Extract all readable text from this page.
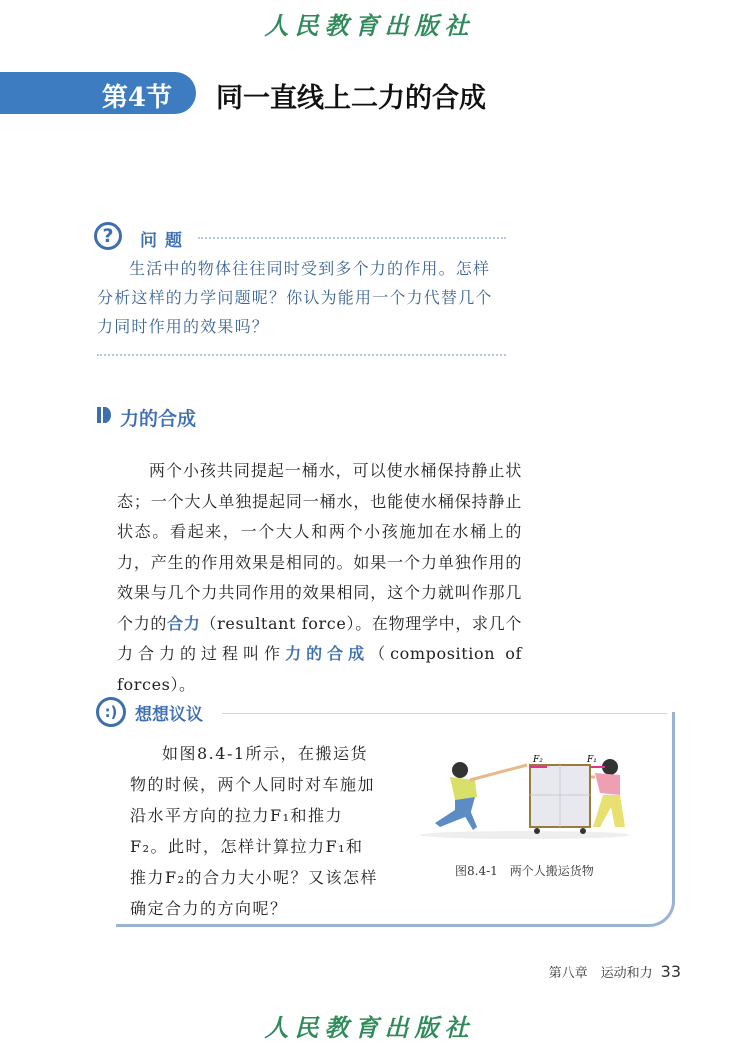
人民教育出版社
第4节 同一直线上二力的合成
?	问题
生活中的物体往往同时受到多个力的作用。怎样分析这样的力学问题呢？你认为能用一个力代替几个力同时作用的效果吗？
力的合成
两个小孩共同提起一桶水，可以使水桶保持静止状态；一个大人单独提起同一桶水，也能使水桶保持静止状态。看起来，一个大人和两个小孩施加在水桶上的力，产生的作用效果是相同的。如果一个力单独作用的效果与几个力共同作用的效果相同，这个力就叫作那几个力的合力（resultant force）。在物理学中，求几个力合力的过程叫作力的合成（composition of forces）。
:)	想想议议
如图8.4-1所示，在搬运货物的时候，两个人同时对车施加沿水平方向的拉力F₁和推力F₂。此时，怎样计算拉力F₁和推力F₂的合力大小呢？又该怎样确定合力的方向呢？
F₂	F₁
图8.4-1　两个人搬运货物
第八章　运动和力 33
人民教育出版社
